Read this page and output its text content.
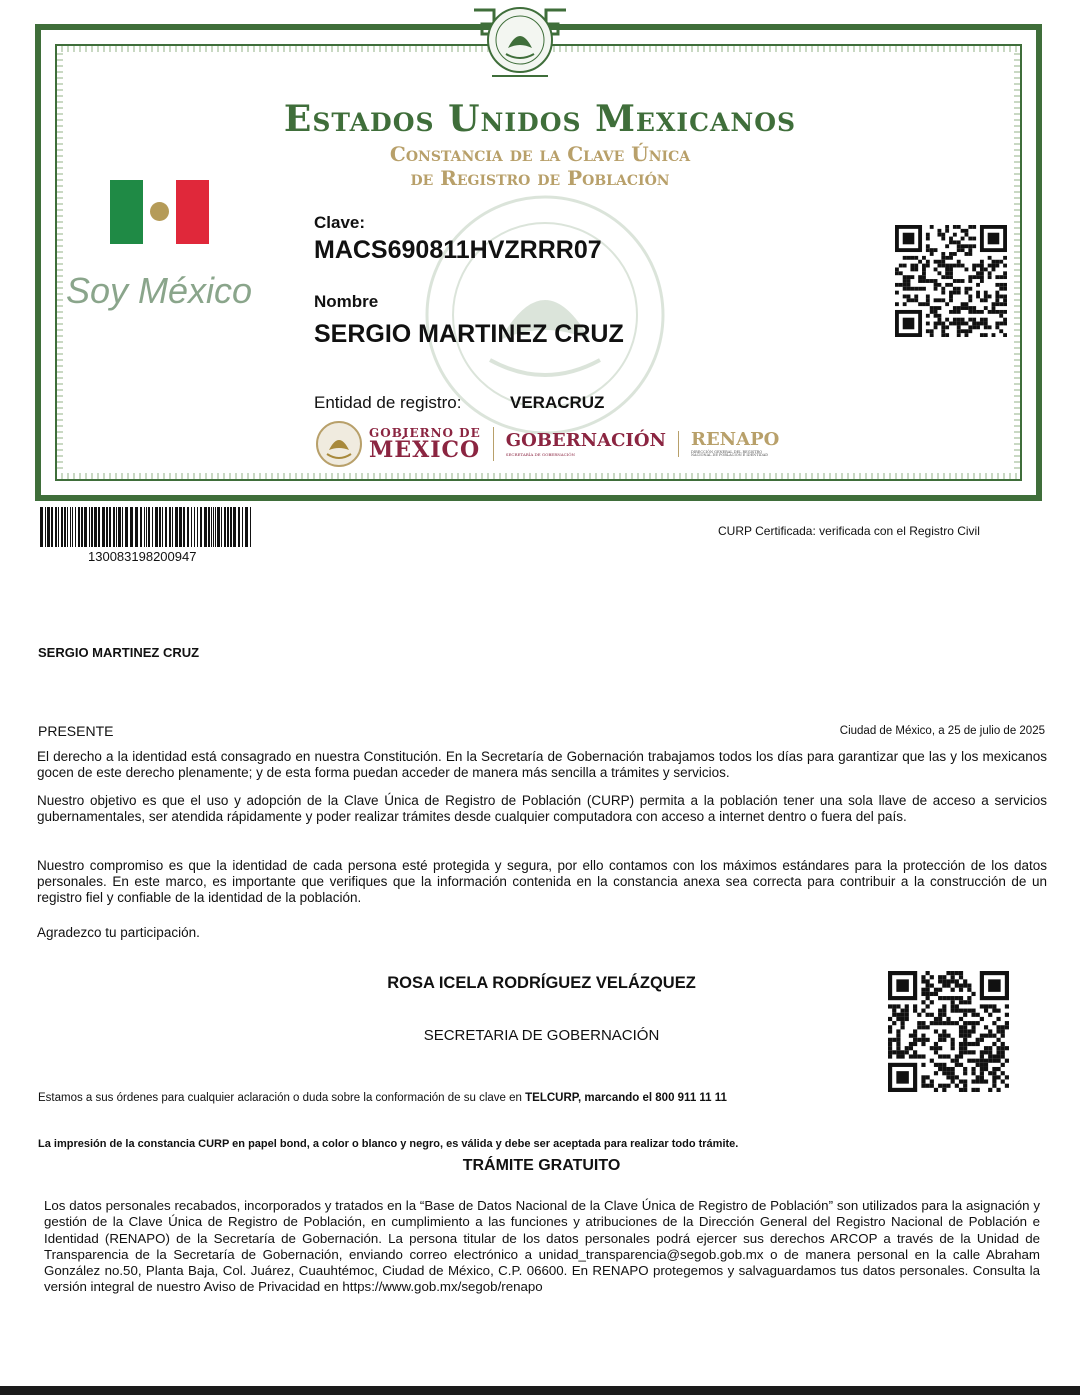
Estados Unidos Mexicanos
Constancia de la Clave Única
de Registro de Población
Soy México
Clave:
MACS690811HVZRRR07
Nombre
SERGIO MARTINEZ CRUZ
Entidad de registro:	VERACRUZ
GOBIERNO DE
MÉXICO GOBERNACIÓN
SECRETARÍA DE GOBERNACIÓN
RENAPO
DIRECCIÓN GENERAL DEL REGISTRO NACIONAL DE POBLACIÓN E IDENTIDAD
130083198200947
CURP Certificada: verificada con el Registro Civil
SERGIO MARTINEZ CRUZ
PRESENTE	Ciudad de México, a 25 de julio de 2025
El derecho a la identidad está consagrado en nuestra Constitución. En la Secretaría de Gobernación trabajamos todos los días para garantizar que las y los mexicanos gocen de este derecho plenamente; y de esta forma puedan acceder de manera más sencilla a trámites y servicios.
Nuestro objetivo es que el uso y adopción de la Clave Única de Registro de Población (CURP) permita a la población tener una sola llave de acceso a servicios gubernamentales, ser atendida rápidamente y poder realizar trámites desde cualquier computadora con acceso a internet dentro o fuera del país.
Nuestro compromiso es que la identidad de cada persona esté protegida y segura, por ello contamos con los máximos estándares para la protección de los datos personales. En este marco, es importante que verifiques que la información contenida en la constancia anexa sea correcta para contribuir a la construcción de un registro fiel y confiable de la identidad de la población.
Agradezco tu participación.
ROSA ICELA RODRÍGUEZ VELÁZQUEZ
SECRETARIA DE GOBERNACIÓN
Estamos a sus órdenes para cualquier aclaración o duda sobre la conformación de su clave en TELCURP, marcando el 800 911 11 11
La impresión de la constancia CURP en papel bond, a color o blanco y negro, es válida y debe ser aceptada para realizar todo trámite.
TRÁMITE GRATUITO
Los datos personales recabados, incorporados y tratados en la “Base de Datos Nacional de la Clave Única de Registro de Población” son utilizados para la asignación y gestión de la Clave Única de Registro de Población, en cumplimiento a las funciones y atribuciones de la Dirección General del Registro Nacional de Población e Identidad (RENAPO) de la Secretaría de Gobernación. La persona titular de los datos personales podrá ejercer sus derechos ARCOP a través de la Unidad de Transparencia de la Secretaría de Gobernación, enviando correo electrónico a unidad_transparencia@segob.gob.mx o de manera personal en la calle Abraham González no.50, Planta Baja, Col. Juárez, Cuauhtémoc, Ciudad de México, C.P. 06600. En RENAPO protegemos y salvaguardamos tus datos personales. Consulta la versión integral de nuestro Aviso de Privacidad en https://www.gob.mx/segob/renapo
